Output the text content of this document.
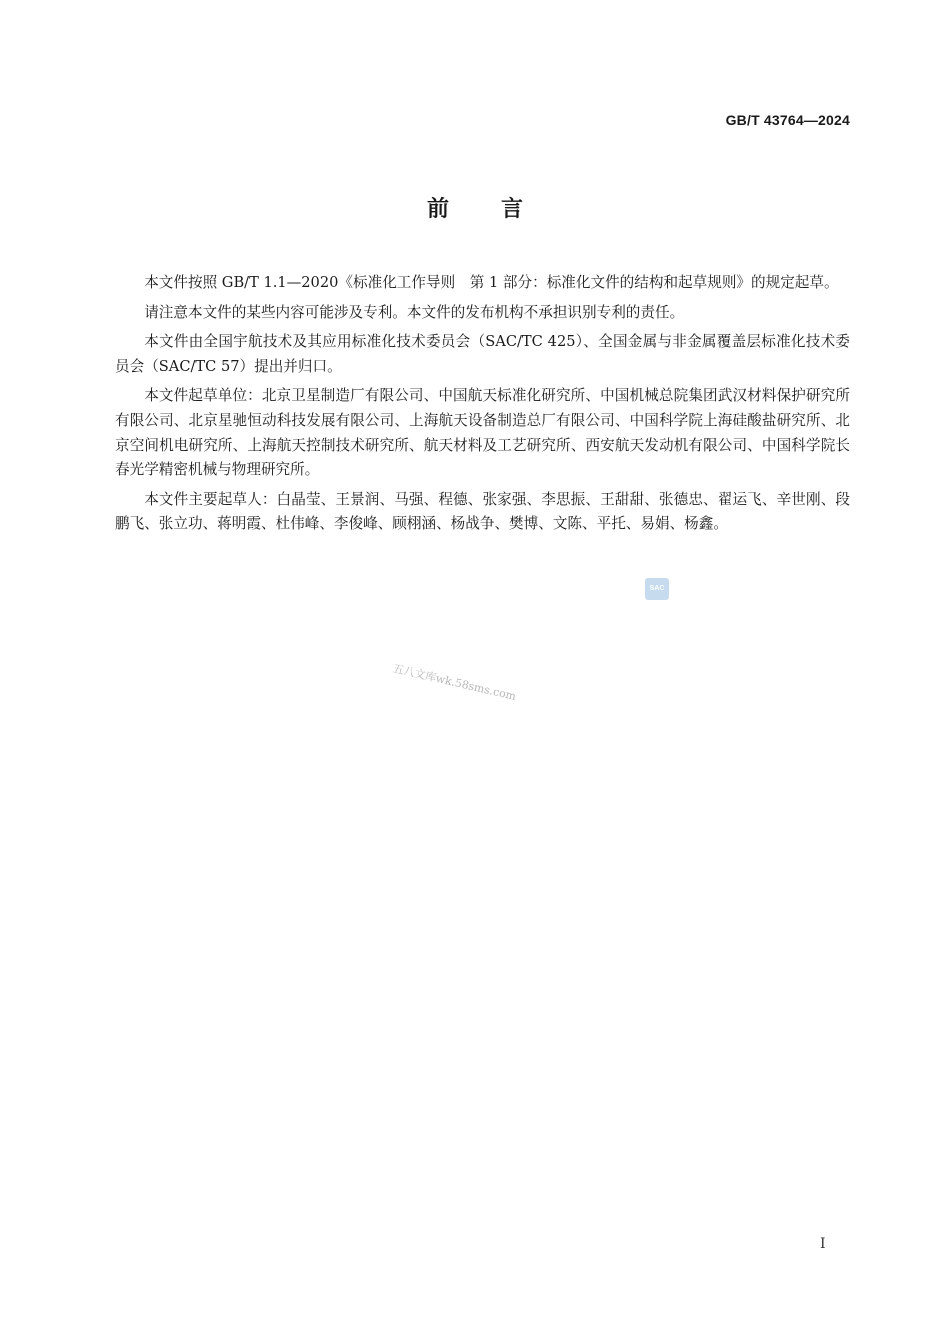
GB/T 43764—2024
前言

本文件按照 GB/T 1.1—2020《标准化工作导则　第 1 部分：标准化文件的结构和起草规则》的规定起草。

请注意本文件的某些内容可能涉及专利。本文件的发布机构不承担识别专利的责任。

本文件由全国宇航技术及其应用标准化技术委员会（SAC/TC 425）、全国金属与非金属覆盖层标准化技术委员会（SAC/TC 57）提出并归口。

本文件起草单位：北京卫星制造厂有限公司、中国航天标准化研究所、中国机械总院集团武汉材料保护研究所有限公司、北京星驰恒动科技发展有限公司、上海航天设备制造总厂有限公司、中国科学院上海硅酸盐研究所、北京空间机电研究所、上海航天控制技术研究所、航天材料及工艺研究所、西安航天发动机有限公司、中国科学院长春光学精密机械与物理研究所。

本文件主要起草人：白晶莹、王景润、马强、程德、张家强、李思振、王甜甜、张德忠、翟运飞、辛世刚、段鹏飞、张立功、蒋明霞、杜伟峰、李俊峰、顾栩涵、杨战争、樊博、文陈、平托、易娟、杨鑫。

SAC
五八文库wk.58sms.com
I
